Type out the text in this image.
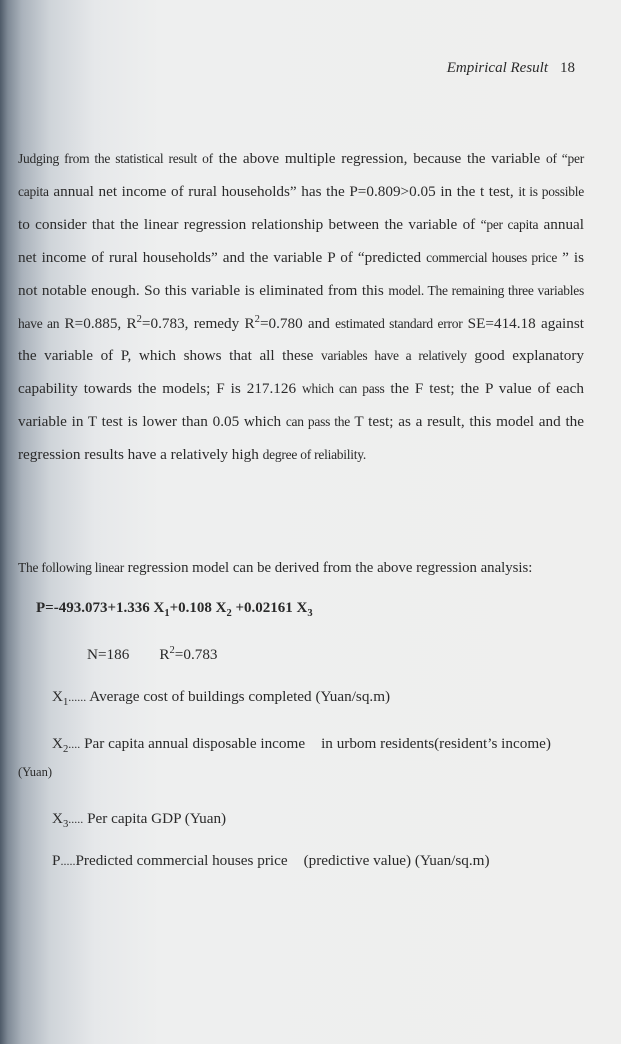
Empirical Result 18
Judging from the statistical result of the above multiple regression, because the variable of “per capita annual net income of rural households” has the P=0.809>0.05 in the t test, it is possible to consider that the linear regression relationship between the variable of “per capita annual net income of rural households” and the variable P of “predicted commercial houses price ” is not notable enough. So this variable is eliminated from this model. The remaining three variables have an R=0.885, $R^2=0.783$, remedy $R^2=0.780$ and estimated standard error SE=414.18 against the variable of P, which shows that all these variables have a relatively good explanatory capability towards the models; F is 217.126 which can pass the F test; the P value of each variable in T test is lower than 0.05 which can pass the T test; as a result, this model and the regression results have a relatively high degree of reliability.
The following linear regression model can be derived from the above regression analysis:
P=-493.073+1.336 $X_1+0.108$ $X_2 +0.02161$ $X_3$
N=186 $R^2=0.783$
$X_1$...... Average cost of buildings completed (Yuan/sq.m)
$X_2$.... Par capita annual disposable income in urbom residents(resident’s income)
(Yuan)
$X_3$..... Per capita GDP (Yuan)
P.....Predicted commercial houses price (predictive value) (Yuan/sq.m)
